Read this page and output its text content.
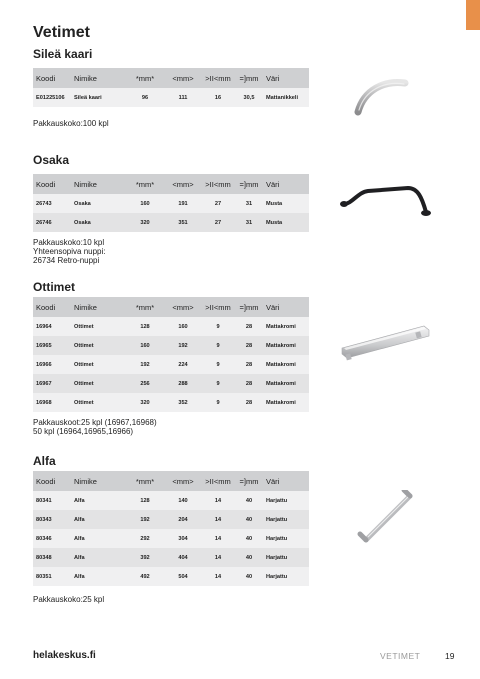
Vetimet
Sileä kaari
Koodi	Nimike	*mm*	<mm>	>II<mm	=]mm	Väri
E01225106	Sileä kaari	96	111	16	30,5	Mattanikkeli
Pakkauskoko:100 kpl
Osaka
Koodi	Nimike	*mm*	<mm>	>II<mm	=]mm	Väri
26743	Osaka	160	191	27	31	Musta
26746	Osaka	320	351	27	31	Musta
Pakkauskoko:10 kpl
Yhteensopiva nuppi:
26734 Retro-nuppi
Ottimet
Koodi	Nimike	*mm*	<mm>	>II<mm	=]mm	Väri
16964	Ottimet	128	160	9	28	Mattakromi
16965	Ottimet	160	192	9	28	Mattakromi
16966	Ottimet	192	224	9	28	Mattakromi
16967	Ottimet	256	288	9	28	Mattakromi
16968	Ottimet	320	352	9	28	Mattakromi
Pakkauskoot:25 kpl (16967,16968)
50 kpl (16964,16965,16966)
Alfa
Koodi	Nimike	*mm*	<mm>	>II<mm	=]mm	Väri
80341	Alfa	128	140	14	40	Harjattu
80343	Alfa	192	204	14	40	Harjattu
80346	Alfa	292	304	14	40	Harjattu
80348	Alfa	392	404	14	40	Harjattu
80351	Alfa	492	504	14	40	Harjattu
Pakkauskoko:25 kpl
helakeskus.fi	VETIMET	19
